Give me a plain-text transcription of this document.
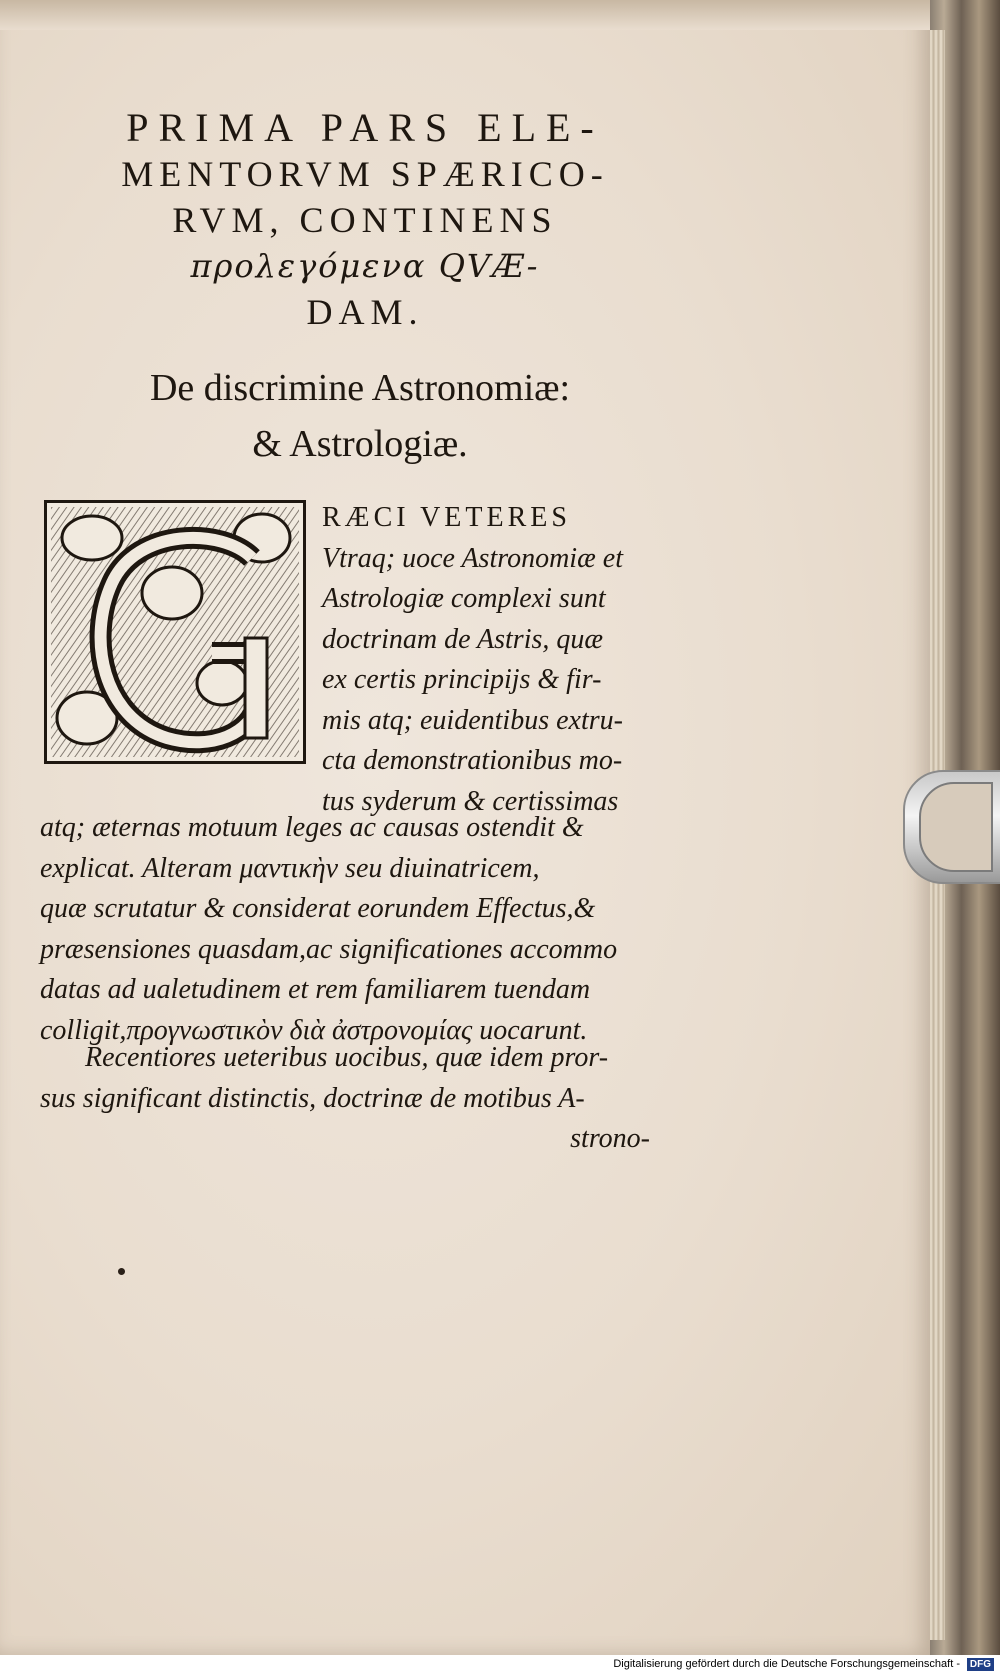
PRIMA PARS ELE-
MENTORVM SPÆRICO-
RVM, CONTINENS
προλεγόμενα QVÆ-
DAM.
De discrimine Astronomiæ:
& Astrologiæ.
RÆCI VETERES
Vtraq; uoce Astronomiæ et
Astrologiæ complexi sunt
doctrinam de Astris, quæ
ex certis principijs & fir-
mis atq; euidentibus extru-
cta demonstrationibus mo-
tus syderum & certissimas
atq; æternas motuum leges ac causas ostendit &
explicat. Alteram μαντικὴν seu diuinatricem,
quæ scrutatur & considerat eorundem Effectus,&
præsensiones quasdam,ac significationes accommo
datas ad ualetudinem et rem familiarem tuendam
colligit,προγνωστικὸν διὰ ἀστρονομίας uocarunt.
Recentiores ueteribus uocibus, quæ idem pror-
sus significant distinctis, doctrinæ de motibus A-
strono-
Digitalisierung gefördert durch die Deutsche Forschungsgemeinschaft - DFG
